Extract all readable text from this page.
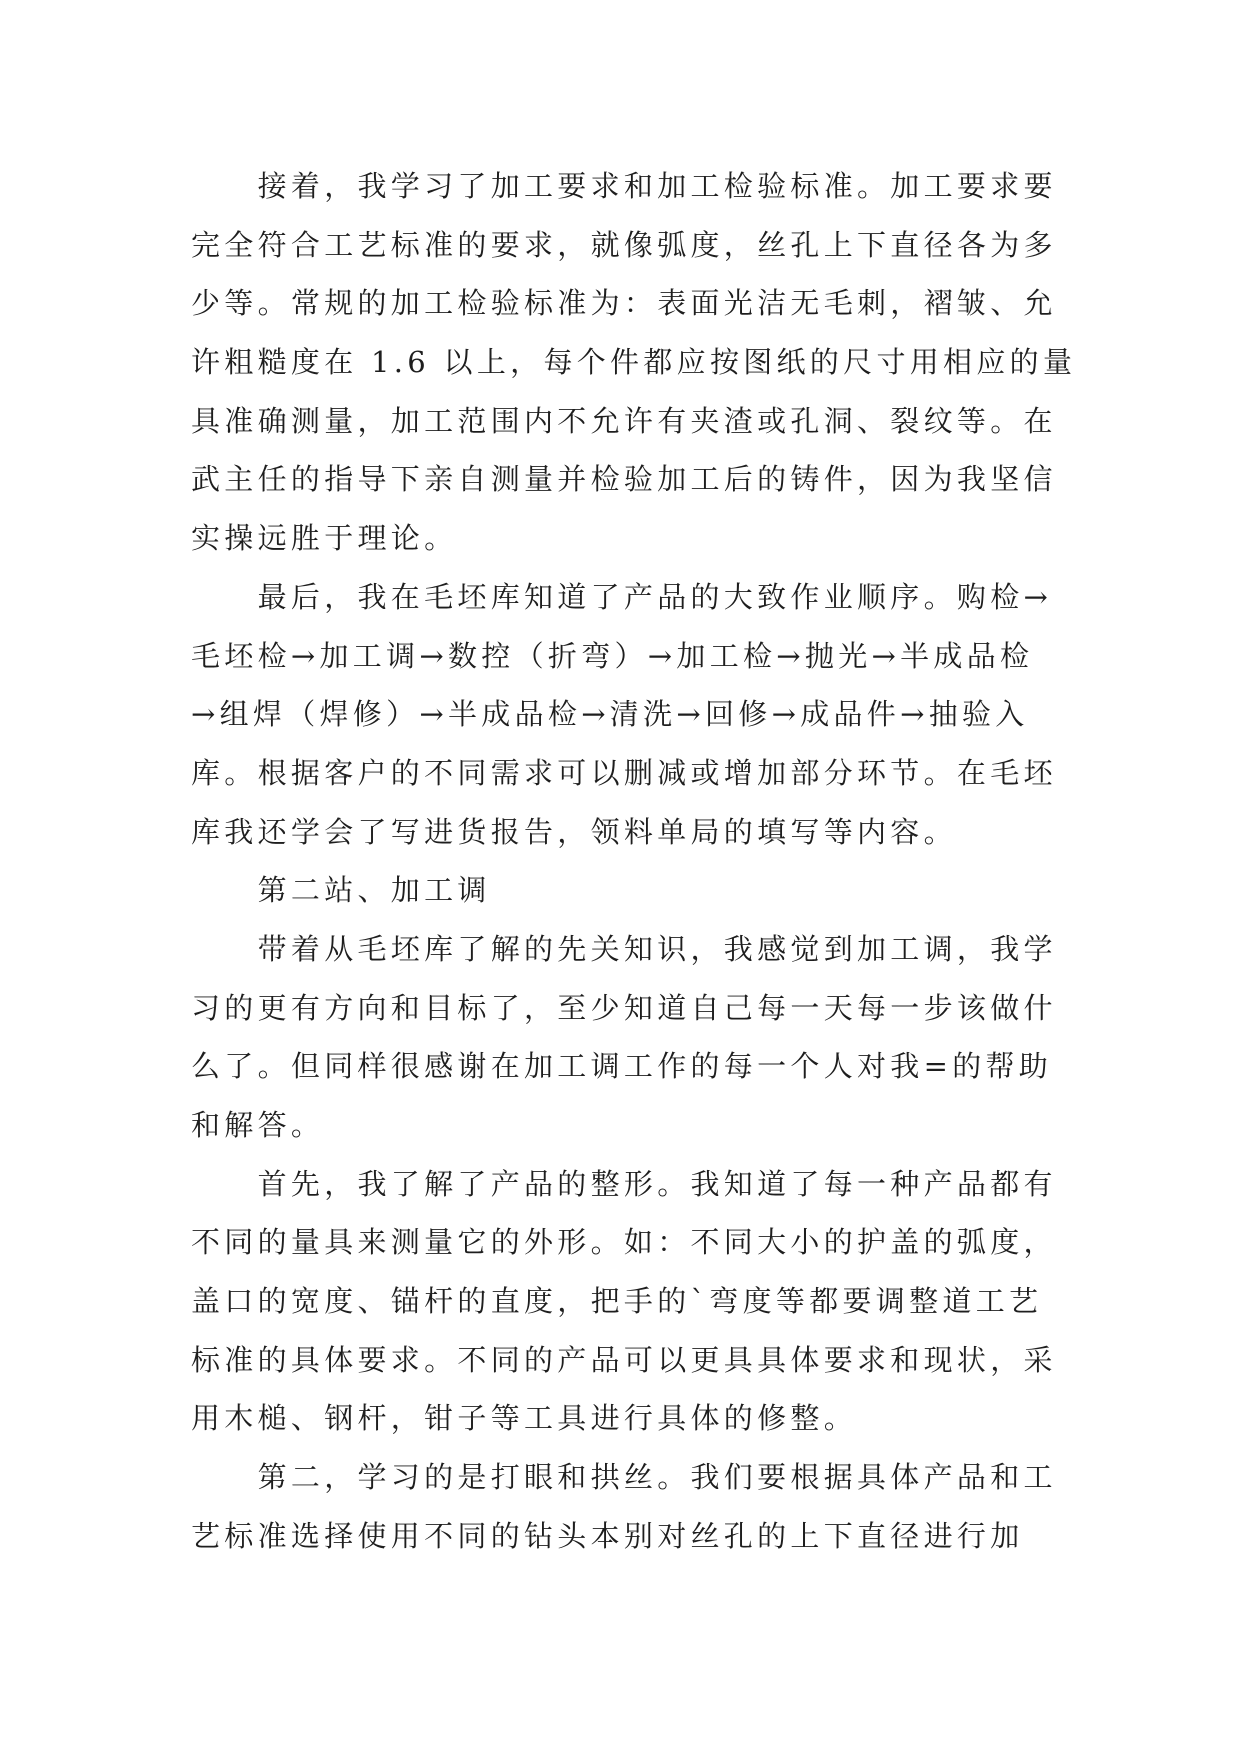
接着，我学习了加工要求和加工检验标准。加工要求要
完全符合工艺标准的要求，就像弧度，丝孔上下直径各为多
少等。常规的加工检验标准为：表面光洁无毛刺，褶皱、允
许粗糙度在 1.6 以上，每个件都应按图纸的尺寸用相应的量
具准确测量，加工范围内不允许有夹渣或孔洞、裂纹等。在
武主任的指导下亲自测量并检验加工后的铸件，因为我坚信
实操远胜于理论。
最后，我在毛坯库知道了产品的大致作业顺序。购检→
毛坯检→加工调→数控（折弯）→加工检→抛光→半成品检
→组焊（焊修）→半成品检→清洗→回修→成品件→抽验入
库。根据客户的不同需求可以删减或增加部分环节。在毛坯
库我还学会了写进货报告，领料单局的填写等内容。
第二站、加工调
带着从毛坯库了解的先关知识，我感觉到加工调，我学
习的更有方向和目标了，至少知道自己每一天每一步该做什
么了。但同样很感谢在加工调工作的每一个人对我=的帮助
和解答。
首先，我了解了产品的整形。我知道了每一种产品都有
不同的量具来测量它的外形。如：不同大小的护盖的弧度，
盖口的宽度、锚杆的直度，把手的`弯度等都要调整道工艺
标准的具体要求。不同的产品可以更具具体要求和现状，采
用木槌、钢杆，钳子等工具进行具体的修整。
第二，学习的是打眼和拱丝。我们要根据具体产品和工
艺标准选择使用不同的钻头本别对丝孔的上下直径进行加
